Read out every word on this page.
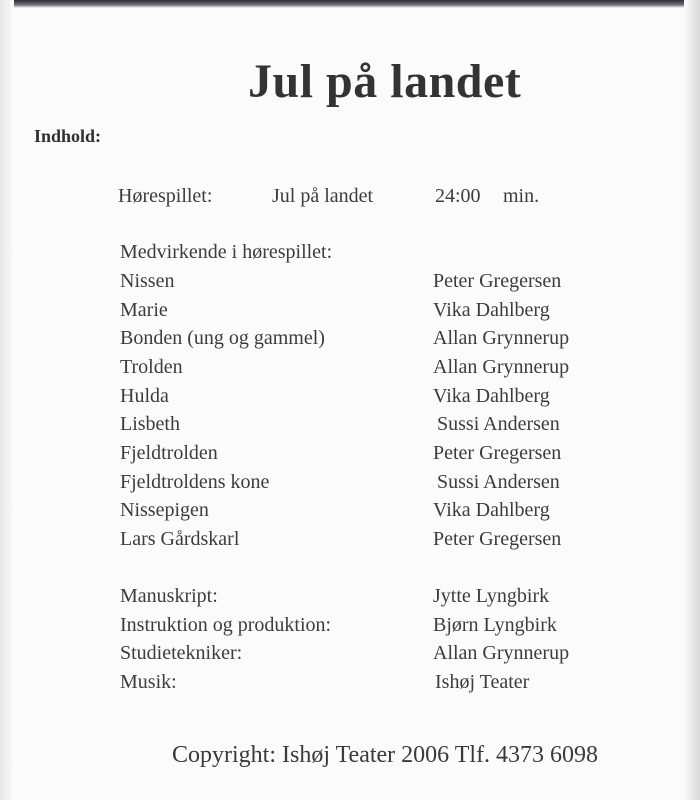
Jul på landet
Indhold:
Hørespillet:	Jul på landet	24:00 min.
Medvirkende i hørespillet:
Nissen	Peter Gregersen
Marie	Vika Dahlberg
Bonden (ung og gammel)	Allan Grynnerup
Trolden	Allan Grynnerup
Hulda	Vika Dahlberg
Lisbeth	Sussi Andersen
Fjeldtrolden	Peter Gregersen
Fjeldtroldens kone	Sussi Andersen
Nissepigen	Vika Dahlberg
Lars Gårdskarl	Peter Gregersen
Manuskript:	Jytte Lyngbirk
Instruktion og produktion:	Bjørn Lyngbirk
Studietekniker:	Allan Grynnerup
Musik:	Ishøj Teater
Copyright: Ishøj Teater 2006 Tlf. 4373 6098
